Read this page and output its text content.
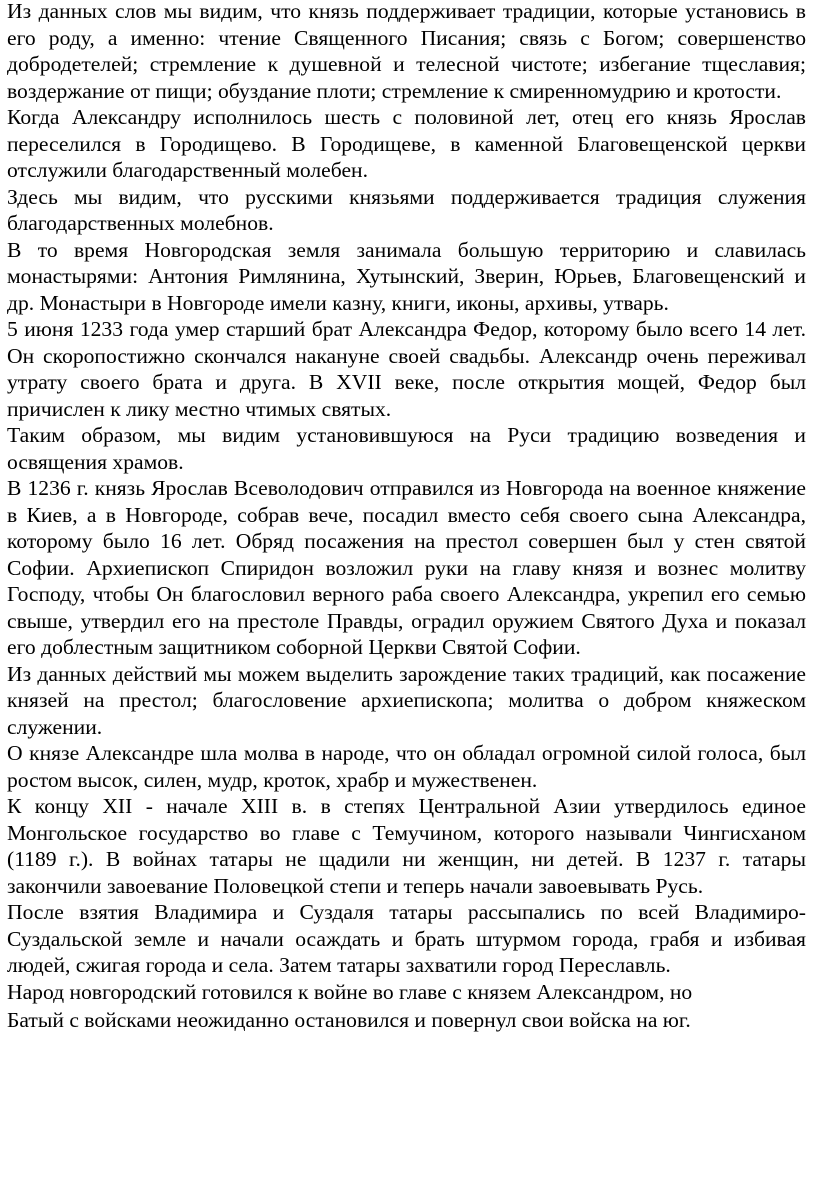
Из данных слов мы видим, что князь поддерживает традиции, которые установись в его роду, а именно: чтение Священного Писания; связь с Богом; совершенство добродетелей; стремление к душевной и телесной чистоте; избегание тщеславия; воздержание от пищи; обуздание плоти; стремление к смиренномудрию и кротости.

Когда Александру исполнилось шесть с половиной лет, отец его князь Ярослав переселился в Городищево. В Городищеве, в каменной Благовещенской церкви отслужили благодарственный молебен.

Здесь мы видим, что русскими князьями поддерживается традиция служения благодарственных молебнов.

В то время Новгородская земля занимала большую территорию и славилась монастырями: Антония Римлянина, Хутынский, Зверин, Юрьев, Благовещенский и др. Монастыри в Новгороде имели казну, книги, иконы, архивы, утварь.

5 июня 1233 года умер старший брат Александра Федор, которому было всего 14 лет. Он скоропостижно скончался накануне своей свадьбы. Александр очень переживал утрату своего брата и друга. В XVII веке, после открытия мощей, Федор был причислен к лику местно чтимых святых.

Таким образом, мы видим установившуюся на Руси традицию возведения и освящения храмов.

В 1236 г. князь Ярослав Всеволодович отправился из Новгорода на военное княжение в Киев, а в Новгороде, собрав вече, посадил вместо себя своего сына Александра, которому было 16 лет. Обряд посажения на престол совершен был у стен святой Софии. Архиепископ Спиридон возложил руки на главу князя и вознес молитву Господу, чтобы Он благословил верного раба своего Александра, укрепил его семью свыше, утвердил его на престоле Правды, оградил оружием Святого Духа и показал его доблестным защитником соборной Церкви Святой Софии.

Из данных действий мы можем выделить зарождение таких традиций, как посажение князей на престол; благословение архиепископа; молитва о добром княжеском служении.

О князе Александре шла молва в народе, что он обладал огромной силой голоса, был ростом высок, силен, мудр, кроток, храбр и мужественен.

К концу XII - начале XIII в. в степях Центральной Азии утвердилось единое Монгольское государство во главе с Темучином, которого называли Чингисханом (1189 г.). В войнах татары не щадили ни женщин, ни детей. В 1237 г. татары закончили завоевание Половецкой степи и теперь начали завоевывать Русь.

После взятия Владимира и Суздаля татары рассыпались по всей Владимиро-Суздальской земле и начали осаждать и брать штурмом города, грабя и избивая людей, сжигая города и села. Затем татары захватили город Переславль.

Народ новгородский готовился к войне во главе с князем Александром, но

Батый с войсками неожиданно остановился и повернул свои войска на юг.
